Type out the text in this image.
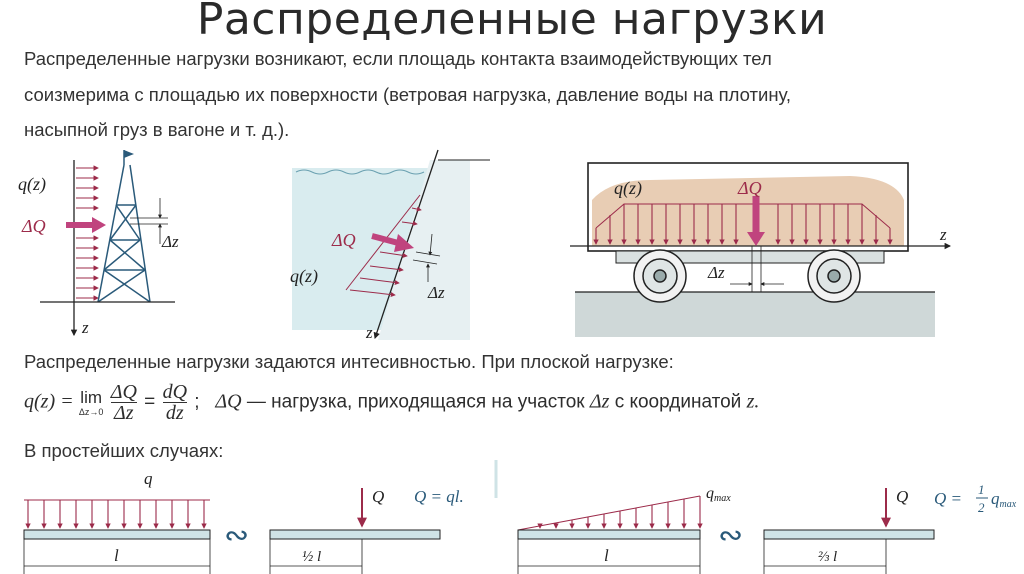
Распределенные нагрузки
Распределенные нагрузки возникают, если площадь контакта взаимодействующих тел
соизмерима с площадью их поверхности (ветровая нагрузка, давление воды на плотину,
насыпной груз в вагоне и т. д.).
q(z)
ΔQ
Δz
z
ΔQ
q(z)
Δz
z
q(z)	ΔQ
Δz
z
q
l
∾
Q
½ l
Q = ql.	qmax
l
∾
Q
⅔ l
Q = 1
2 qmax
Распределенные нагрузки задаются интесивностью. При плоской нагрузке:
q(z) = lim
Δz→0
$\frac{\Delta Q}{\Delta z} = \frac{dQ}{dz}$ ; ΔQ — нагрузка, приходящаяся на участок Δz с координатой z.
В простейших случаях:
